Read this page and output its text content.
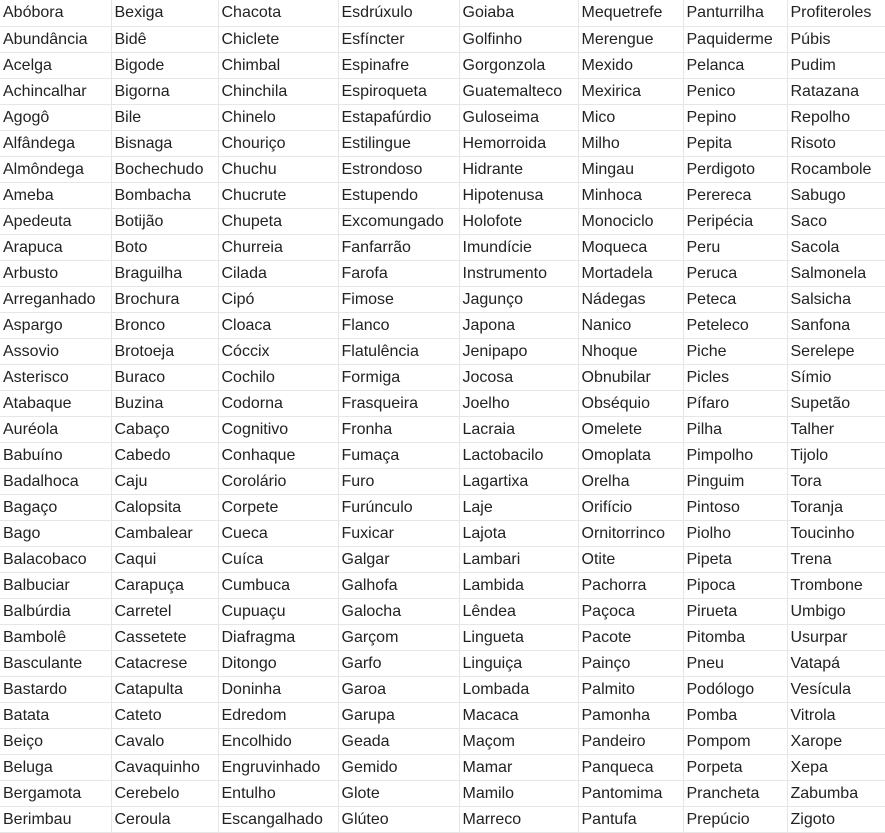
Abóbora	Bexiga	Chacota	Esdrúxulo	Goiaba	Mequetrefe	Panturrilha	Profiteroles
Abundância	Bidê	Chiclete	Esfíncter	Golfinho	Merengue	Paquiderme	Púbis
Acelga	Bigode	Chimbal	Espinafre	Gorgonzola	Mexido	Pelanca	Pudim
Achincalhar	Bigorna	Chinchila	Espiroqueta	Guatemalteco	Mexirica	Penico	Ratazana
Agogô	Bile	Chinelo	Estapafúrdio	Guloseima	Mico	Pepino	Repolho
Alfândega	Bisnaga	Chouriço	Estilingue	Hemorroida	Milho	Pepita	Risoto
Almôndega	Bochechudo	Chuchu	Estrondoso	Hidrante	Mingau	Perdigoto	Rocambole
Ameba	Bombacha	Chucrute	Estupendo	Hipotenusa	Minhoca	Perereca	Sabugo
Apedeuta	Botijão	Chupeta	Excomungado	Holofote	Monociclo	Peripécia	Saco
Arapuca	Boto	Churreia	Fanfarrão	Imundície	Moqueca	Peru	Sacola
Arbusto	Braguilha	Cilada	Farofa	Instrumento	Mortadela	Peruca	Salmonela
Arreganhado	Brochura	Cipó	Fimose	Jagunço	Nádegas	Peteca	Salsicha
Aspargo	Bronco	Cloaca	Flanco	Japona	Nanico	Peteleco	Sanfona
Assovio	Brotoeja	Cóccix	Flatulência	Jenipapo	Nhoque	Piche	Serelepe
Asterisco	Buraco	Cochilo	Formiga	Jocosa	Obnubilar	Picles	Símio
Atabaque	Buzina	Codorna	Frasqueira	Joelho	Obséquio	Pífaro	Supetão
Auréola	Cabaço	Cognitivo	Fronha	Lacraia	Omelete	Pilha	Talher
Babuíno	Cabedo	Conhaque	Fumaça	Lactobacilo	Omoplata	Pimpolho	Tijolo
Badalhoca	Caju	Corolário	Furo	Lagartixa	Orelha	Pinguim	Tora
Bagaço	Calopsita	Corpete	Furúnculo	Laje	Orifício	Pintoso	Toranja
Bago	Cambalear	Cueca	Fuxicar	Lajota	Ornitorrinco	Piolho	Toucinho
Balacobaco	Caqui	Cuíca	Galgar	Lambari	Otite	Pipeta	Trena
Balbuciar	Carapuça	Cumbuca	Galhofa	Lambida	Pachorra	Pipoca	Trombone
Balbúrdia	Carretel	Cupuaçu	Galocha	Lêndea	Paçoca	Pirueta	Umbigo
Bambolê	Cassetete	Diafragma	Garçom	Lingueta	Pacote	Pitomba	Usurpar
Basculante	Catacrese	Ditongo	Garfo	Linguiça	Painço	Pneu	Vatapá
Bastardo	Catapulta	Doninha	Garoa	Lombada	Palmito	Podólogo	Vesícula
Batata	Cateto	Edredom	Garupa	Macaca	Pamonha	Pomba	Vitrola
Beiço	Cavalo	Encolhido	Geada	Maçom	Pandeiro	Pompom	Xarope
Beluga	Cavaquinho	Engruvinhado	Gemido	Mamar	Panqueca	Porpeta	Xepa
Bergamota	Cerebelo	Entulho	Glote	Mamilo	Pantomima	Prancheta	Zabumba
Berimbau	Ceroula	Escangalhado	Glúteo	Marreco	Pantufa	Prepúcio	Zigoto
